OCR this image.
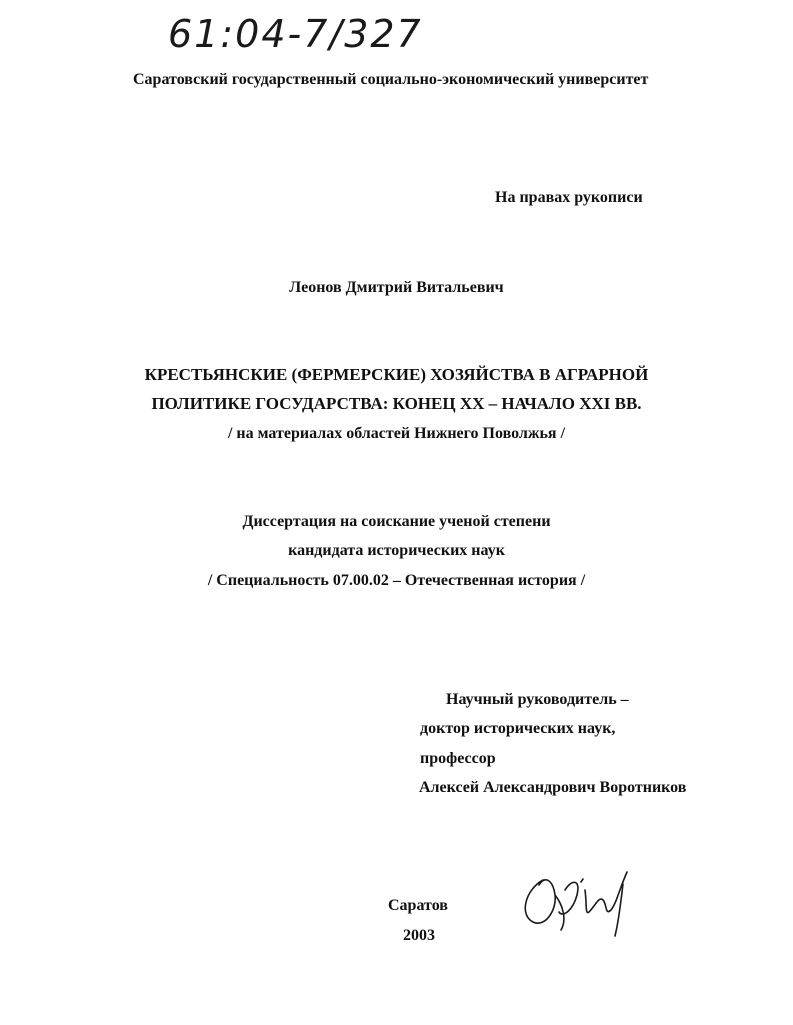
61:04-7/327
Саратовский государственный социально-экономический университет
На правах рукописи
Леонов Дмитрий Витальевич
КРЕСТЬЯНСКИЕ (ФЕРМЕРСКИЕ) ХОЗЯЙСТВА В АГРАРНОЙ
ПОЛИТИКЕ ГОСУДАРСТВА: КОНЕЦ XX – НАЧАЛО XXI ВВ.
/ на материалах областей Нижнего Поволжья /
Диссертация на соискание ученой степени
кандидата исторических наук
/ Специальность 07.00.02 – Отечественная история /
Научный руководитель –
доктор исторических наук,
профессор
Алексей Александрович Воротников
Саратов
2003
